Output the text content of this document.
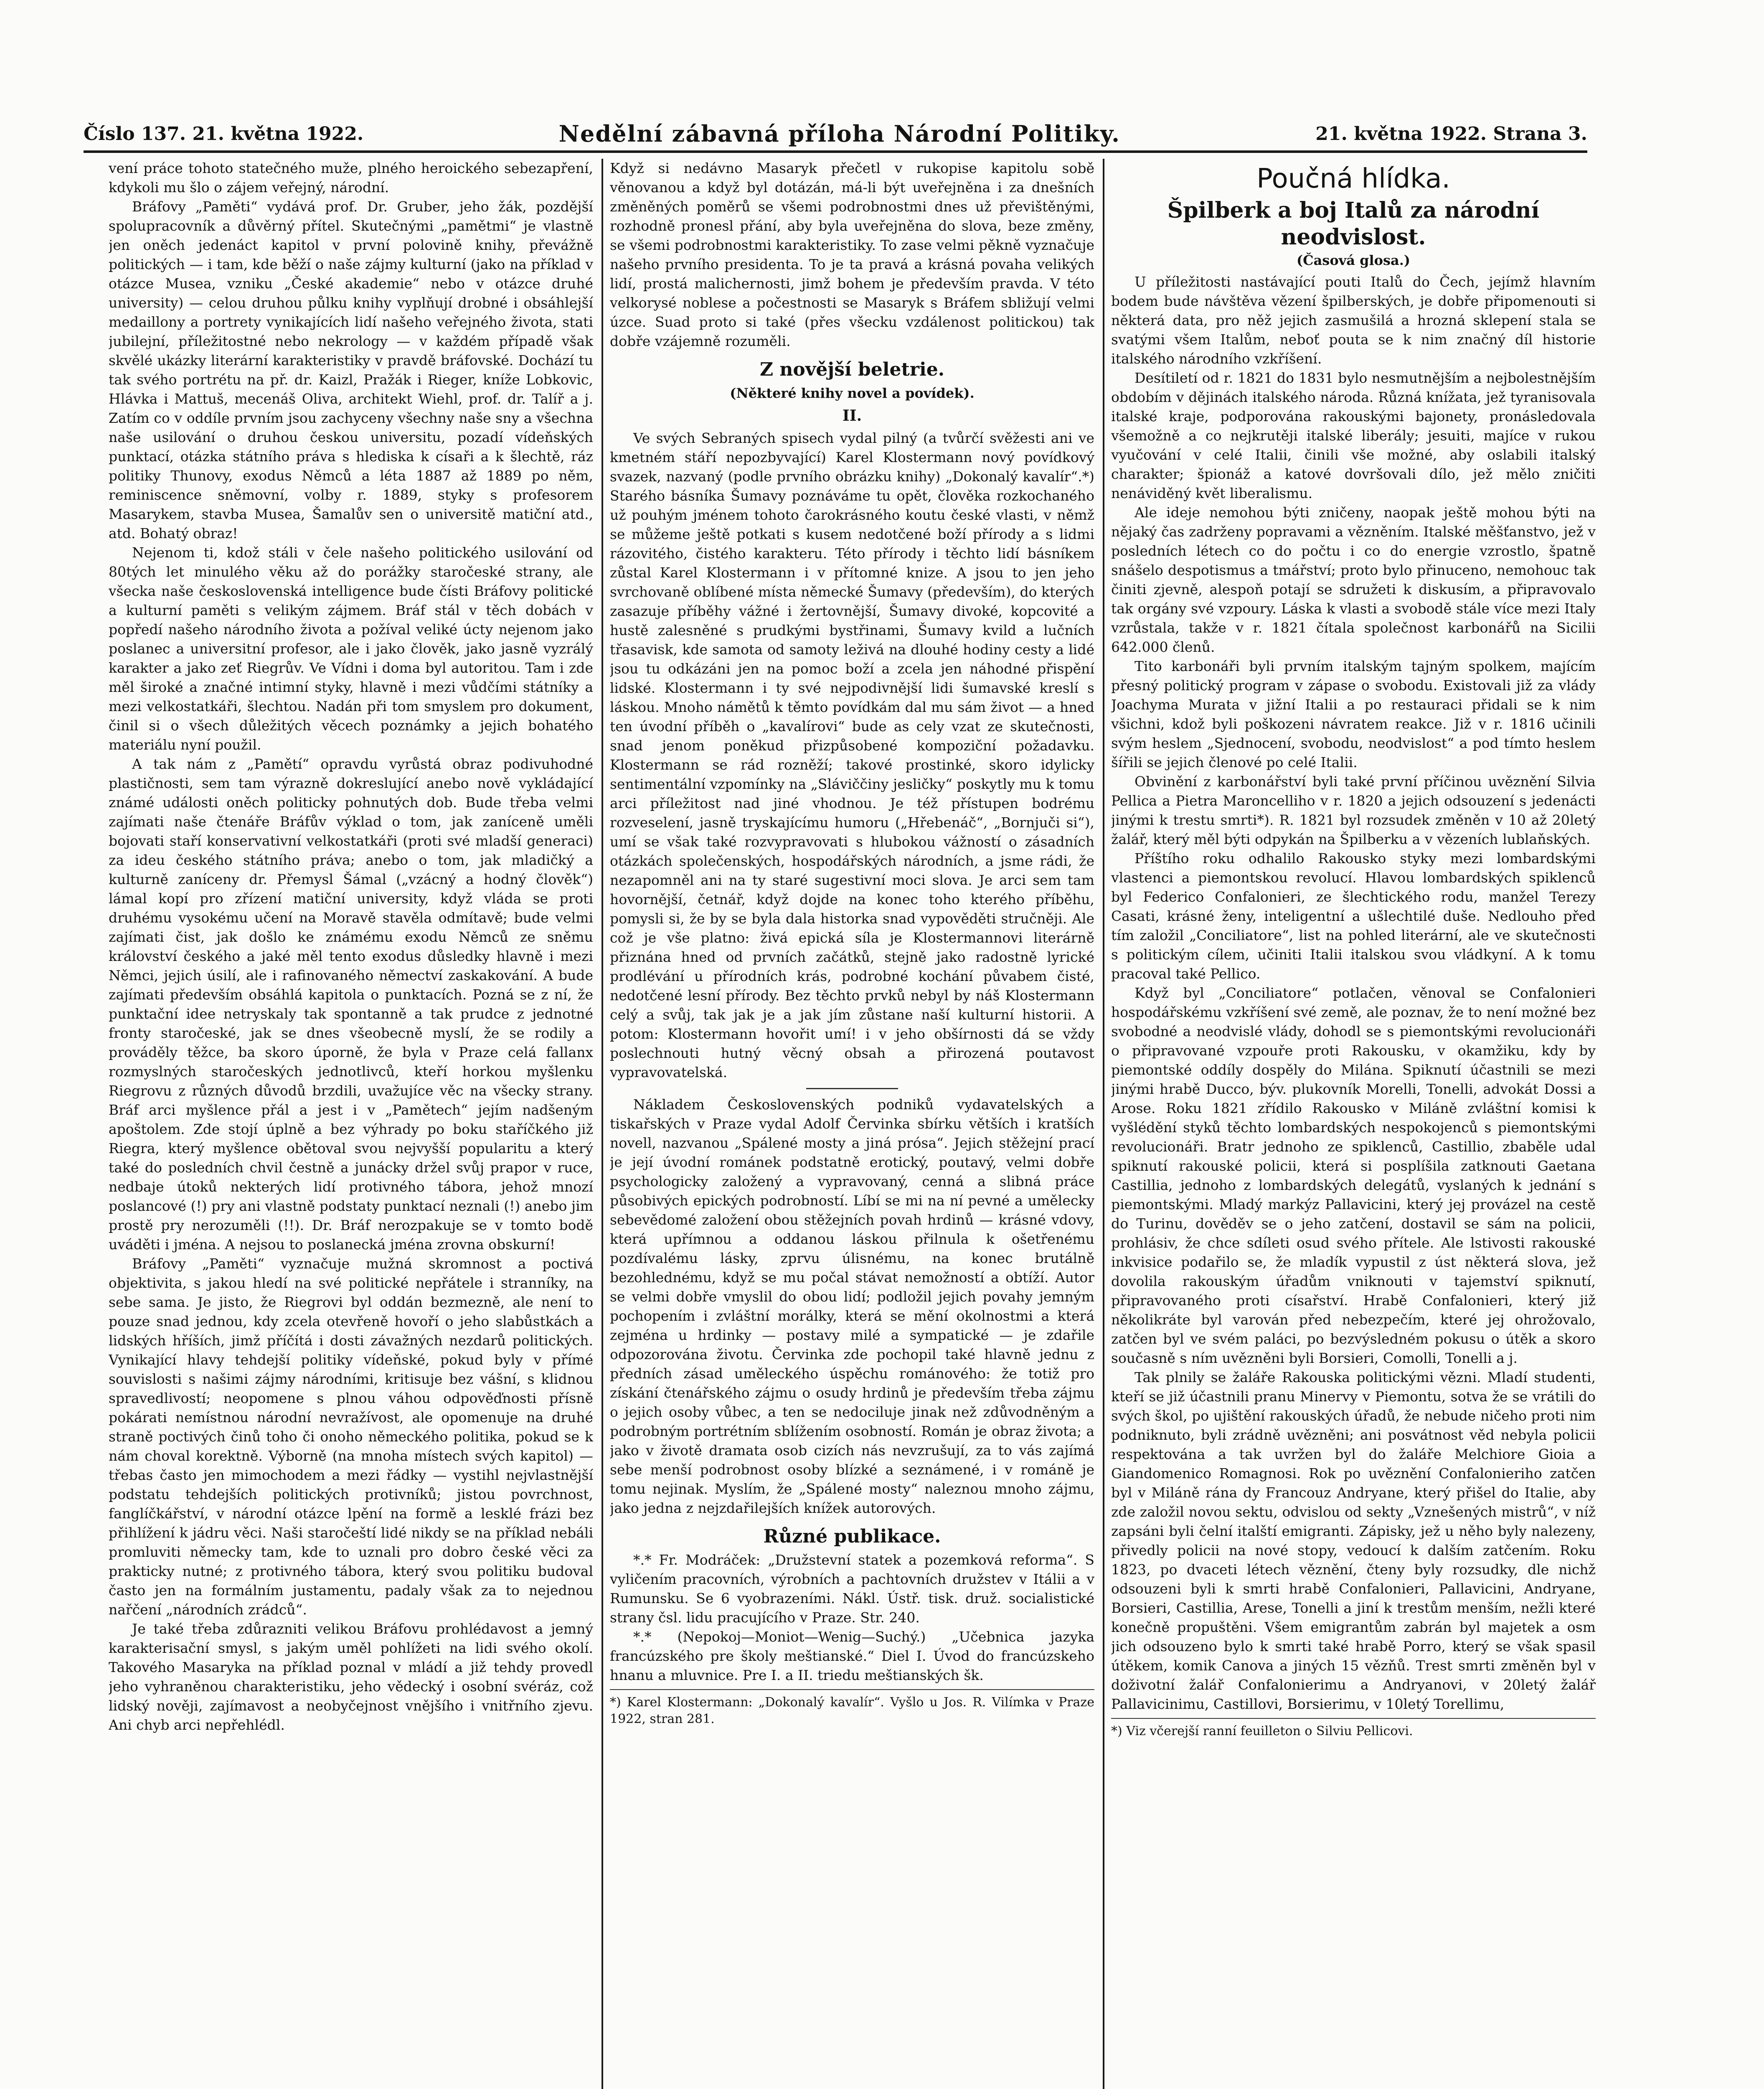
Číslo 137. 21. května 1922.	Nedělní zábavná příloha Národní Politiky.	21. května 1922. Strana 3.

vení práce tohoto statečného muže, plného heroického sebezapření, kdykoli mu šlo o zájem veřejný, národní.

Bráfovy „Paměti“ vydává prof. Dr. Gruber, jeho žák, pozdější spolupracovník a důvěrný přítel. Skutečnými „pamětmi“ je vlastně jen oněch jedenáct kapitol v první polovině knihy, převážně politických — i tam, kde běží o naše zájmy kulturní (jako na příklad v otázce Musea, vzniku „České akademie“ nebo v otázce druhé university) — celou druhou půlku knihy vyplňují drobné i obsáhlejší medaillony a portrety vynikajících lidí našeho veřejného života, stati jubilejní, příležitostné nebo nekrology — v každém případě však skvělé ukázky literární karakteristiky v pravdě bráfovské. Dochází tu tak svého portrétu na př. dr. Kaizl, Pražák i Rieger, kníže Lobkovic, Hlávka i Mattuš, mecenáš Oliva, architekt Wiehl, prof. dr. Talíř a j. Zatím co v oddíle prvním jsou zachyceny všechny naše sny a všechna naše usilování o druhou českou universitu, pozadí vídeňských punktací, otázka státního práva s hlediska k císaři a k šlechtě, ráz politiky Thunovy, exodus Němců a léta 1887 až 1889 po něm, reminiscence sněmovní, volby r. 1889, styky s profesorem Masarykem, stavba Musea, Šamalův sen o universitě matiční atd., atd. Bohatý obraz!

Nejenom ti, kdož stáli v čele našeho politického usilování od 80tých let minulého věku až do porážky staročeské strany, ale všecka naše československá intelligence bude čísti Bráfovy politické a kulturní paměti s velikým zájmem. Bráf stál v těch dobách v popředí našeho národního života a požíval veliké úcty nejenom jako poslanec a universitní profesor, ale i jako člověk, jako jasně vyzrálý karakter a jako zeť Riegrův. Ve Vídni i doma byl autoritou. Tam i zde měl široké a značné intimní styky, hlavně i mezi vůdčími státníky a mezi velkostatkáři, šlechtou. Nadán při tom smyslem pro dokument, činil si o všech důležitých věcech poznámky a jejich bohatého materiálu nyní použil.

A tak nám z „Pamětí“ opravdu vyrůstá obraz podivuhodné plastičnosti, sem tam výrazně dokreslující anebo nově vykládající známé události oněch politicky pohnutých dob. Bude třeba velmi zajímati naše čtenáře Bráfův výklad o tom, jak zaníceně uměli bojovati staří konservativní velkostatkáři (proti své mladší generaci) za ideu českého státního práva; anebo o tom, jak mladičký a kulturně zaníceny dr. Přemysl Šámal („vzácný a hodný člověk“) lámal kopí pro zřízení matiční university, když vláda se proti druhému vysokému učení na Moravě stavěla odmítavě; bude velmi zajímati čist, jak došlo ke známému exodu Němců ze sněmu království českého a jaké měl tento exodus důsledky hlavně i mezi Němci, jejich úsilí, ale i rafinovaného němectví zaskakování. A bude zajímati především obsáhlá kapitola o punktacích. Pozná se z ní, že punktační idee netryskaly tak spontanně a tak prudce z jednotné fronty staročeské, jak se dnes všeobecně myslí, že se rodily a prováděly těžce, ba skoro úporně, že byla v Praze celá fallanx rozmyslných staročeských jednotlivců, kteří horkou myšlenku Riegrovu z různých důvodů brzdili, uvažujíce věc na všecky strany. Bráf arci myšlence přál a jest i v „Pamětech“ jejím nadšeným apoštolem. Zde stojí úplně a bez výhrady po boku staříčkého již Riegra, který myšlence obětoval svou nejvyšší popularitu a který také do posledních chvil čestně a junácky držel svůj prapor v ruce, nedbaje útoků nekterých lidí protivného tábora, jehož mnozí poslancové (!) pry ani vlastně podstaty punktací neznali (!) anebo jim prostě pry nerozuměli (!!). Dr. Bráf nerozpakuje se v tomto bodě uváděti i jména. A nejsou to poslanecká jména zrovna obskurní!

Bráfovy „Paměti“ vyznačuje mužná skromnost a poctivá objektivita, s jakou hledí na své politické nepřátele i stranníky, na sebe sama. Je jisto, že Riegrovi byl oddán bezmezně, ale není to pouze snad jednou, kdy zcela otevřeně hovoří o jeho slabůstkách a lidských hříších, jimž příčítá i dosti závažných nezdarů politických. Vynikající hlavy tehdejší politiky vídeňské, pokud byly v přímé souvislosti s našimi zájmy národními, kritisuje bez vášní, s klidnou spravedlivostí; neopomene s plnou váhou odpověďnosti přísně pokárati nemístnou národní nevražívost, ale opomenuje na druhé straně poctivých činů toho či onoho německého politika, pokud se k nám choval korektně. Výborně (na mnoha místech svých kapitol) — třebas často jen mimochodem a mezi řádky — vystihl nejvlastnější podstatu tehdejších politických protivníků; jistou povrchnost, fanglíčkářství, v národní otázce lpění na formě a lesklé frázi bez přihlížení k jádru věci. Naši staročeští lidé nikdy se na příklad nebáli promluviti německy tam, kde to uznali pro dobro české věci za prakticky nutné; z protivného tábora, který svou politiku budoval často jen na formálním justamentu, padaly však za to nejednou nařčení „národních zrádců“.

Je také třeba zdůrazniti velikou Bráfovu prohlédavost a jemný karakterisační smysl, s jakým uměl pohlížeti na lidi svého okolí. Takového Masaryka na příklad poznal v mládí a již tehdy provedl jeho vyhraněnou charakteristiku, jeho vědecký i osobní svéráz, což lidský nověji, zajímavost a neobyčejnost vnějšího i vnitřního zjevu. Ani chyb arci nepřehlédl.

Když si nedávno Masaryk přečetl v rukopise kapitolu sobě věnovanou a když byl dotázán, má-li být uveřejněna i za dnešních změněných poměrů se všemi podrobnostmi dnes už převištěnými, rozhodně pronesl přání, aby byla uveřejněna do slova, beze změny, se všemi podrobnostmi karakteristiky. To zase velmi pěkně vyznačuje našeho prvního presidenta. To je ta pravá a krásná povaha velikých lidí, prostá malichernosti, jimž bohem je především pravda. V této velkorysé noblese a počestnosti se Masaryk s Bráfem sbližují velmi úzce. Suad proto si také (přes všecku vzdálenost politickou) tak dobře vzájemně rozuměli.

Z novější beletrie.
(Některé knihy novel a povídek).
II.

Ve svých Sebraných spisech vydal pilný (a tvůrčí svěžesti ani ve kmetném stáří nepozbyvající) Karel Klostermann nový povídkový svazek, nazvaný (podle prvního obrázku knihy) „Dokonalý kavalír“.*) Starého básníka Šumavy poznáváme tu opět, člověka rozkochaného už pouhým jménem tohoto čarokrásného koutu české vlasti, v němž se můžeme ještě potkati s kusem nedotčené boží přírody a s lidmi rázovitého, čistého karakteru. Této přírody i těchto lidí básníkem zůstal Karel Klostermann i v přítomné knize. A jsou to jen jeho svrchovaně oblíbené místa německé Šumavy (především), do kterých zasazuje příběhy vážné i žertovnější, Šumavy divoké, kopcovité a hustě zalesněné s prudkými bystřinami, Šumavy kvild a lučních třasavisk, kde samota od samoty leživá na dlouhé hodiny cesty a lidé jsou tu odkázáni jen na pomoc boží a zcela jen náhodné přispění lidské. Klostermann i ty své nejpodivnější lidi šumavské kreslí s láskou. Mnoho námětů k těmto povídkám dal mu sám život — a hned ten úvodní příběh o „kavalírovi“ bude as cely vzat ze skutečnosti, snad jenom poněkud přizpůsobené kompoziční požadavku. Klostermann se rád rozněží; takové prostinké, skoro idylicky sentimentální vzpomínky na „Sláviččiny jesličky“ poskytly mu k tomu arci příležitost nad jiné vhodnou. Je též přístupen bodrému rozveselení, jasně tryskajícímu humoru („Hřebenáč“, „Bornjuči si“), umí se však také rozvypravovati s hlubokou vážností o zásadních otázkách společenských, hospodářských národních, a jsme rádi, že nezapomněl ani na ty staré sugestivní moci slova. Je arci sem tam hovornější, četnář, když dojde na konec toho kterého příběhu, pomysli si, že by se byla dala historka snad vypověděti stručněji. Ale což je vše platno: živá epická síla je Klostermannovi literárně přiznána hned od prvních začátků, stejně jako radostně lyrické prodlévání u přírodních krás, podrobné kochání půvabem čisté, nedotčené lesní přírody. Bez těchto prvků nebyl by náš Klostermann celý a svůj, tak jak je a jak jím zůstane naší kulturní historii. A potom: Klostermann hovořit umí! i v jeho obšírnosti dá se vždy poslechnouti hutný věcný obsah a přirozená poutavost vypravovatelská.

Nákladem Československých podniků vydavatelských a tiskařských v Praze vydal Adolf Červinka sbírku větších i kratších novell, nazvanou „Spálené mosty a jiná prósa“. Jejich stěžejní prací je její úvodní románek podstatně erotický, poutavý, velmi dobře psychologicky založený a vypravovaný, cenná a slibná práce působivých epických podrobností. Líbí se mi na ní pevné a umělecky sebevědomé založení obou stěžejních povah hrdinů — krásné vdovy, která upřímnou a oddanou láskou přilnula k ošetřenému pozdívalému lásky, zprvu úlisnému, na konec brutálně bezohlednému, když se mu počal stávat nemožností a obtíží. Autor se velmi dobře vmyslil do obou lidí; podložil jejich povahy jemným pochopením i zvláštní morálky, která se mění okolnostmi a která zejména u hrdinky — postavy milé a sympatické — je zdařile odpozorována životu. Červinka zde pochopil také hlavně jednu z předních zásad uměleckého úspěchu románového: že totiž pro získání čtenářského zájmu o osudy hrdinů je především třeba zájmu o jejich osoby vůbec, a ten se nedociluje jinak než zdůvodněným a podrobným portrétním sblížením osobností. Román je obraz života; a jako v životě dramata osob cizích nás nevzrušují, za to vás zajímá sebe menší podrobnost osoby blízké a seznámené, i v románě je tomu nejinak. Myslím, že „Spálené mosty“ naleznou mnoho zájmu, jako jedna z nejzdařilejších knížek autorových.

Různé publikace.

*.* Fr. Modráček: „Družstevní statek a pozemková reforma“. S vyličením pracovních, výrobních a pachtovních družstev v Itálii a v Rumunsku. Se 6 vyobrazeními. Nákl. Ústř. tisk. druž. socialistické strany čsl. lidu pracujícího v Praze. Str. 240.

*.* (Nepokoj—Moniot—Wenig—Suchý.) „Učebnica jazyka francúzského pre školy meštianské.“ Diel I. Úvod do francúzskeho hnanu a mluvnice. Pre I. a II. triedu meštianských šk.

*) Karel Klostermann: „Dokonalý kavalír“. Vyšlo u Jos. R. Vilímka v Praze 1922, stran 281.
Poučná hlídka.
Špilberk a boj Italů za národní neodvislost.
(Časová glosa.)

U příležitosti nastávající pouti Italů do Čech, jejímž hlavním bodem bude návštěva vězení špilberských, je dobře připomenouti si některá data, pro něž jejich zasmušilá a hrozná sklepení stala se svatými všem Italům, neboť pouta se k nim značný díl historie italského národního vzkříšení.

Desítiletí od r. 1821 do 1831 bylo nesmutnějším a nejbolestnějším obdobím v dějinách italského národa. Různá knížata, jež tyranisovala italské kraje, podporována rakouskými bajonety, pronásledovala všemožně a co nejkrutěji italské liberály; jesuiti, majíce v rukou vyučování v celé Italii, činili vše možné, aby oslabili italský charakter; špionáž a katové dovršovali dílo, jež mělo zničiti nenáviděný květ liberalismu.

Ale ideje nemohou býti zničeny, naopak ještě mohou býti na nějaký čas zadrženy popravami a vězněním. Italské měšťanstvo, jež v posledních létech co do počtu i co do energie vzrostlo, špatně snášelo despotismus a tmářství; proto bylo přinuceno, nemohouc tak činiti zjevně, alespoň potají se sdružeti k diskusím, a připravovalo tak orgány své vzpoury. Láska k vlasti a svobodě stále více mezi Italy vzrůstala, takže v r. 1821 čítala společnost karbonářů na Sicilii 642.000 členů.

Tito karbonáři byli prvním italským tajným spolkem, majícím přesný politický program v zápase o svobodu. Existovali již za vlády Joachyma Murata v jižní Italii a po restauraci přidali se k nim všichni, kdož byli poškozeni návratem reakce. Již v r. 1816 učinili svým heslem „Sjednocení, svobodu, neodvislost“ a pod tímto heslem šířili se jejich členové po celé Italii.

Obvinění z karbonářství byli také první příčinou uvěznění Silvia Pellica a Pietra Maroncelliho v r. 1820 a jejich odsouzení s jedenácti jinými k trestu smrti*). R. 1821 byl rozsudek změněn v 10 až 20letý žalář, který měl býti odpykán na Špilberku a v vězeních lublaňských.

Příštího roku odhalilo Rakousko styky mezi lombardskými vlastenci a piemontskou revolucí. Hlavou lombardských spiklenců byl Federico Confalonieri, ze šlechtického rodu, manžel Terezy Casati, krásné ženy, inteligentní a ušlechtilé duše. Nedlouho před tím založil „Conciliatore“, list na pohled literární, ale ve skutečnosti s politickým cílem, učiniti Italii italskou svou vládkyní. A k tomu pracoval také Pellico.

Když byl „Conciliatore“ potlačen, věnoval se Confalonieri hospodářskému vzkříšení své země, ale poznav, že to není možné bez svobodné a neodvislé vlády, dohodl se s piemontskými revolucionáři o připravované vzpouře proti Rakousku, v okamžiku, kdy by piemontské oddíly dospěly do Milána. Spiknutí účastnili se mezi jinými hrabě Ducco, býv. plukovník Morelli, Tonelli, advokát Dossi a Arose. Roku 1821 zřídilo Rakousko v Miláně zvláštní komisi k vyšlédění styků těchto lombardských nespokojenců s piemontskými revolucionáři. Bratr jednoho ze spiklenců, Castillio, zbaběle udal spiknutí rakouské policii, která si posplíšila zatknouti Gaetana Castillia, jednoho z lombardských delegátů, vyslaných k jednání s piemontskými. Mladý markýz Pallavicini, který jej provázel na cestě do Turinu, dověděv se o jeho zatčení, dostavil se sám na policii, prohlásiv, že chce sdíleti osud svého přítele. Ale lstivosti rakouské inkvisice podařilo se, že mladík vypustil z úst některá slova, jež dovolila rakouským úřadům vniknouti v tajemství spiknutí, připravovaného proti císařství. Hrabě Confalonieri, který již několikráte byl varován před nebezpečím, které jej ohrožovalo, zatčen byl ve svém paláci, po bezvýsledném pokusu o útěk a skoro současně s ním uvězněni byli Borsieri, Comolli, Tonelli a j.

Tak plnily se žaláře Rakouska politickými vězni. Mladí studenti, kteří se již účastnili pranu Minervy v Piemontu, sotva že se vrátili do svých škol, po ujištění rakouských úřadů, že nebude ničeho proti nim podniknuto, byli zrádně uvězněni; ani posvátnost věd nebyla policii respektována a tak uvržen byl do žaláře Melchiore Gioia a Giandomenico Romagnosi. Rok po uvěznění Confalonieriho zatčen byl v Miláně rána dy Francouz Andryane, který přišel do Italie, aby zde založil novou sektu, odvislou od sekty „Vznešených mistrů“, v níž zapsáni byli čelní italští emigranti. Zápisky, jež u něho byly nalezeny, přivedly policii na nové stopy, vedoucí k dalším zatčením. Roku 1823, po dvaceti létech věznění, čteny byly rozsudky, dle nichž odsouzeni byli k smrti hrabě Confalonieri, Pallavicini, Andryane, Borsieri, Castillia, Arese, Tonelli a jiní k trestům menším, nežli které konečně propuštěni. Všem emigrantům zabrán byl majetek a osm jich odsouzeno bylo k smrti také hrabě Porro, který se však spasil útěkem, komik Canova a jiných 15 vězňů. Trest smrti změněn byl v doživotní žalář Confalonierimu a Andryanovi, v 20letý žalář Pallavicinimu, Castillovi, Borsierimu, v 10letý Torellimu,

*) Viz včerejší ranní feuilleton o Silviu Pellicovi.
